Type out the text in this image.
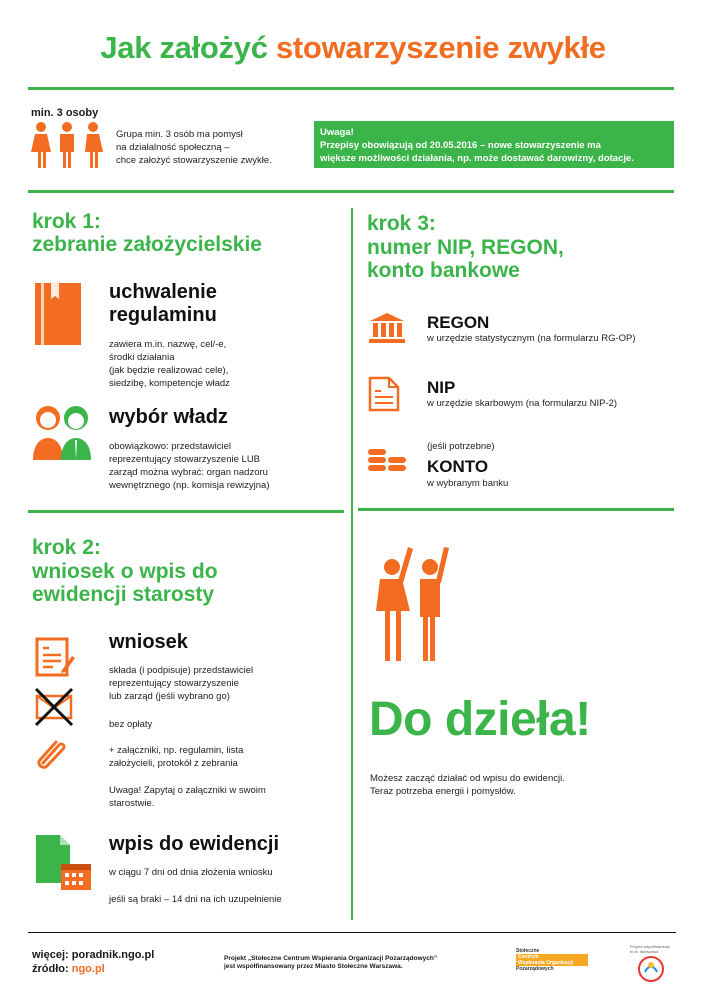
Jak założyć stowarzyszenie zwykłe
min. 3 osoby
Grupa min. 3 osób ma pomysł
na działalność społeczną –
chce założyć stowarzyszenie zwykłe.
Uwaga!
Przepisy obowiązują od 20.05.2016 – nowe stowarzyszenie ma
większe możliwości działania, np. może dostawać darowizny, dotacje.
krok 1:
zebranie założycielskie
uchwalenie
regulaminu
zawiera m.in. nazwę, cel/-e,
środki działania
(jak będzie realizować cele),
siedzibę, kompetencje władz
wybór władz
obowiązkowo: przedstawiciel
reprezentujący stowarzyszenie LUB
zarząd można wybrać: organ nadzoru
wewnętrznego (np. komisja rewizyjna)
krok 2:
wniosek o wpis do
ewidencji starosty
wniosek
składa (i podpisuje) przedstawiciel
reprezentujący stowarzyszenie
lub zarząd (jeśli wybrano go)
bez opłaty
+ załączniki, np. regulamin, lista
założycieli, protokół z zebrania
Uwaga! Zapytaj o załączniki w swoim
starostwie.
wpis do ewidencji
w ciągu 7 dni od dnia złożenia wniosku
jeśli są braki – 14 dni na ich uzupełnienie
krok 3:
numer NIP, REGON,
konto bankowe
REGON
w urzędzie statystycznym (na formularzu RG-OP)
NIP
w urzędzie skarbowym (na formularzu NIP-2)
(jeśli potrzebne)
KONTO
w wybranym banku
Do dzieła!
Możesz zacząć działać od wpisu do ewidencji.
Teraz potrzeba energii i pomysłów.
więcej: poradnik.ngo.pl
źródło: ngo.pl
Projekt „Stołeczne Centrum Wspierania Organizacji Pozarządowych”
jest współfinansowany przez Miasto Stołeczne Warszawa.
Stołeczne
Centrum
Wspierania Organizacji
Pozarządowych
Projekt współfinansuje m.st. Warszawa
